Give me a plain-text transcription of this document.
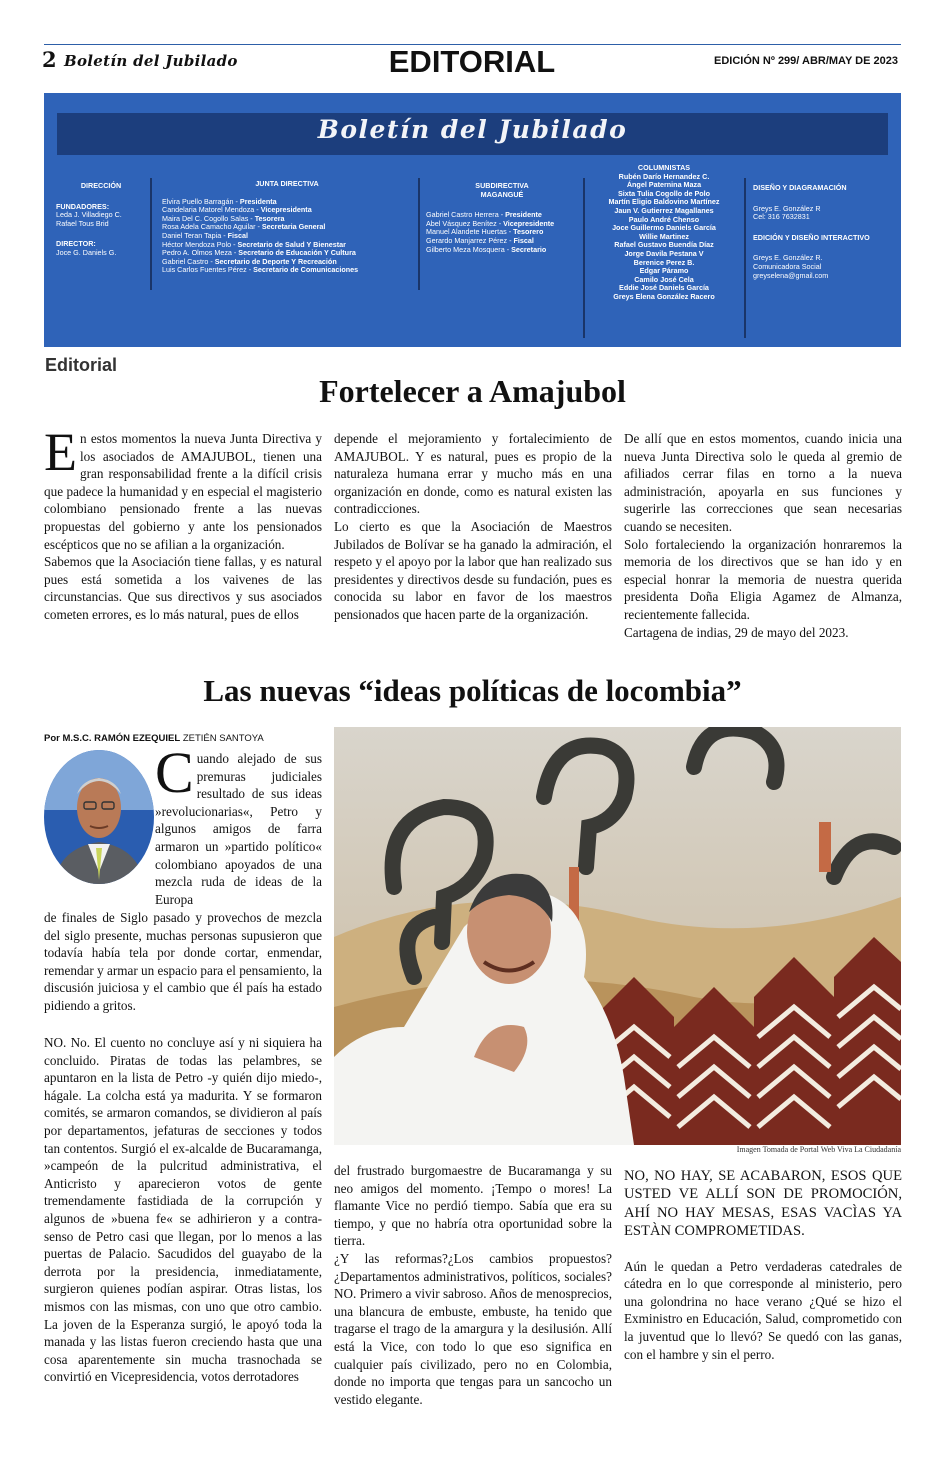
2 Boletín del Jubilado	EDITORIAL	EDICIÓN Nº 299/ ABR/MAY DE 2023
Boletín del Jubilado
DIRECCIÓN
FUNDADORES:
Leda J. Villadiego C.
Rafael Tous Brid
DIRECTOR:
Joce G. Daniels G.
JUNTA DIRECTIVA
Elvira Puello Barragán - Presidenta
Candelaria Matorel Mendoza - Vicepresidenta
Maira Del C. Cogollo Salas - Tesorera
Rosa Adela Camacho Aguilar - Secretaria General
Daniel Teran Tapia - Fiscal
Héctor Mendoza Polo - Secretario de Salud Y Bienestar
Pedro A. Olmos Meza - Secretario de Educación Y Cultura
Gabriel Castro - Secretario de Deporte Y Recreación
Luis Carlos Fuentes Pérez - Secretario de Comunicaciones
SUBDIRECTIVA
MAGANGUÉ
Gabriel Castro Herrera - Presidente
Abel Vásquez Benítez - Vicepresidente
Manuel Alandete Huertas - Tesorero
Gerardo Manjarrez Pérez - Fiscal
Gilberto Meza Mosquera - Secretario
COLUMNISTAS
Rubén Darío Hernandez C.
Ángel Paternina Maza
Sixta Tulia Cogollo de Polo
Martín Eligio Baldovino Martínez
Jaun V. Gutierrez Magallanes
Paulo André Chenso
Joce Guillermo Daniels García
Willie Martinez
Rafael Gustavo Buendía Díaz
Jorge Davila Pestana V
Berenice Perez B.
Edgar Páramo
Camilo José Cela
Eddie José Daniels García
Greys Elena González Racero
DISEÑO Y DIAGRAMACIÓN
Greys E. González R
Cel: 316 7632831
EDICIÓN Y DISEÑO INTERACTIVO
Greys E. González R.
Comunicadora Social
greyselena@gmail.com
Editorial
Fortelecer a Amajubol

En estos momentos la nueva Junta Directiva y los asociados de AMAJUBOL, tienen una gran responsabilidad frente a la difícil crisis que padece la humanidad y en especial el magisterio colombiano pensionado frente a las nuevas propuestas del gobierno y ante los pensionados escépticos que no se afilian a la organización.

Sabemos que la Asociación tiene fallas, y es natural pues está sometida a los vaivenes de las circunstancias. Que sus directivos y sus asociados cometen errores, es lo más natural, pues de ellos

depende el mejoramiento y fortalecimiento de AMAJUBOL. Y es natural, pues es propio de la naturaleza humana errar y mucho más en una organización en donde, como es natural existen las contradicciones.

Lo cierto es que la Asociación de Maestros Jubilados de Bolívar se ha ganado la admiración, el respeto y el apoyo por la labor que han realizado sus presidentes y directivos desde su fundación, pues es conocida su labor en favor de los maestros pensionados que hacen parte de la organización.

De allí que en estos momentos, cuando inicia una nueva Junta Directiva solo le queda al gremio de afiliados cerrar filas en torno a la nueva administración, apoyarla en sus funciones y sugerirle las correcciones que sean necesarias cuando se necesiten.

Solo fortaleciendo la organización honraremos la memoria de los directivos que se han ido y en especial honrar la memoria de nuestra querida presidenta Doña Eligia Agamez de Almanza, recientemente fallecida.

Cartagena de indias, 29 de mayo del 2023.

Las nuevas “ideas políticas de locombia”
Por M.S.C. RAMÓN EZEQUIEL ZETIÉN SANTOYA
Cuando alejado de sus premuras judiciales resultado de sus ideas »revolucionarias«, Petro y algunos amigos de farra armaron un »partido político« colombiano apoyados de una mezcla ruda de ideas de la Europa

de finales de Siglo pasado y provechos de mezcla del siglo presente, muchas personas supusieron que todavía había tela por donde cortar, enmendar, remendar y armar un espacio para el pensamiento, la discusión juiciosa y el cambio que él país ha estado pidiendo a gritos.

NO. No. El cuento no concluye así y ni siquiera ha concluido. Piratas de todas las pelambres, se apuntaron en la lista de Petro -y quién dijo miedo-, hágale. La colcha está ya madurita. Y se formaron comités, se armaron comandos, se dividieron al país por departamentos, jefaturas de secciones y todos tan contentos. Surgió el ex-alcalde de Bucaramanga, »campeón de la pulcritud administrativa, el Anticristo y aparecieron votos de gente tremendamente fastidiada de la corrupción y algunos de »buena fe« se adhirieron y a contra-senso de Petro casi que llegan, por lo menos a las puertas de Palacio. Sacudidos del guayabo de la derrota por la presidencia, inmediatamente, surgieron quienes podían aspirar. Otras listas, los mismos con las mismas, con uno que otro cambio. La joven de la Esperanza surgió, le apoyó toda la manada y las listas fueron creciendo hasta que una cosa aparentemente sin mucha trasnochada se convirtió en Vicepresidencia, votos derrotadores

Imagen Tomada de Portal Web Viva La Ciudadanía

del frustrado burgomaestre de Bucaramanga y su neo amigos del momento. ¡Tempo o mores! La flamante Vice no perdió tiempo. Sabía que era su tiempo, y que no habría otra oportunidad sobre la tierra.

¿Y las reformas?¿Los cambios propuestos? ¿Departamentos administrativos, políticos, sociales? NO. Primero a vivir sabroso. Años de menosprecios, una blancura de embuste, embuste, ha tenido que tragarse el trago de la amargura y la desilusión. Allí está la Vice, con todo lo que eso significa en cualquier país civilizado, pero no en Colombia, donde no importa que tengas para un sancocho un vestido elegante.

NO, NO HAY, SE ACABARON, ESOS QUE USTED VE ALLÍ SON DE PROMOCIÓN, AHÍ NO HAY MESAS, ESAS VACÌAS YA ESTÀN COMPROMETIDAS.

Aún le quedan a Petro verdaderas catedrales de cátedra en lo que corresponde al ministerio, pero una golondrina no hace verano ¿Qué se hizo el Exministro en Educación, Salud, comprometido con la juventud que lo llevó? Se quedó con las ganas, con el hambre y sin el perro.
